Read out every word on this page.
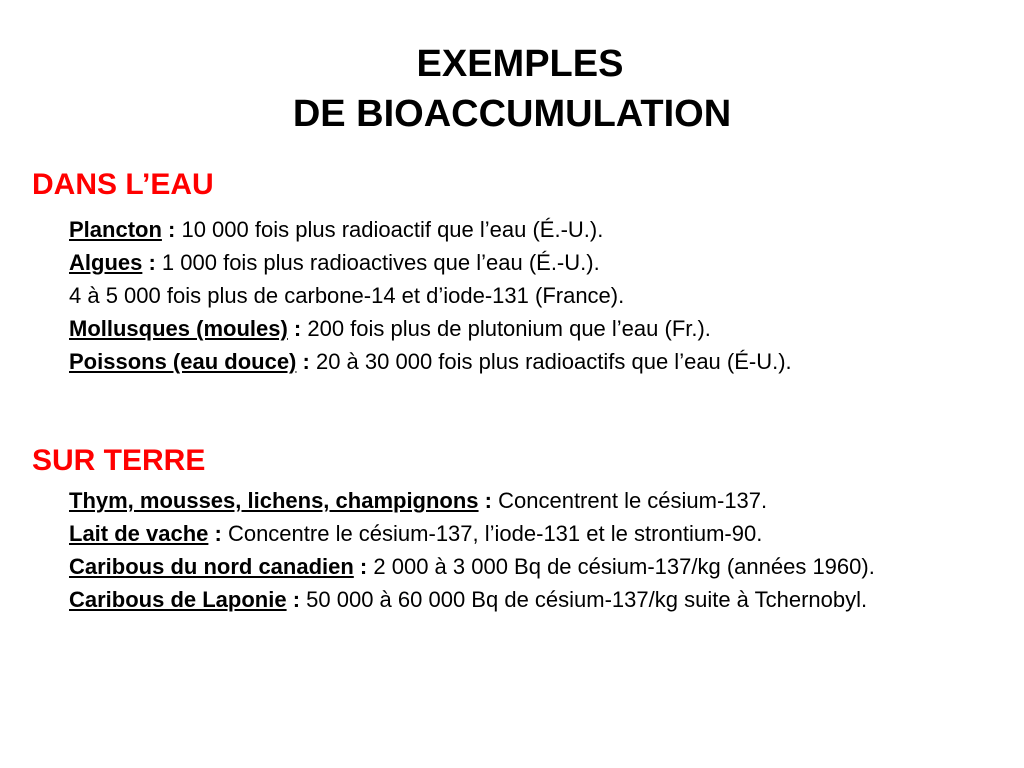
EXEMPLES
DE BIOACCUMULATION
DANS L’EAU
Plancton : 10 000 fois plus radioactif que l’eau (É.-U.).
Algues : 1 000 fois plus radioactives que l’eau (É.-U.).
4 à 5 000 fois plus de carbone-14 et d’iode-131 (France).
Mollusques (moules) : 200 fois plus de plutonium que l’eau (Fr.).
Poissons (eau douce) : 20 à 30 000 fois plus radioactifs que l’eau (É-U.).
SUR TERRE
Thym, mousses, lichens, champignons : Concentrent le césium-137.
Lait de vache : Concentre le césium-137, l’iode-131 et le strontium-90.
Caribous du nord canadien : 2 000 à 3 000 Bq de césium-137/kg (années 1960).
Caribous de Laponie : 50 000 à 60 000 Bq de césium-137/kg suite à Tchernobyl.
